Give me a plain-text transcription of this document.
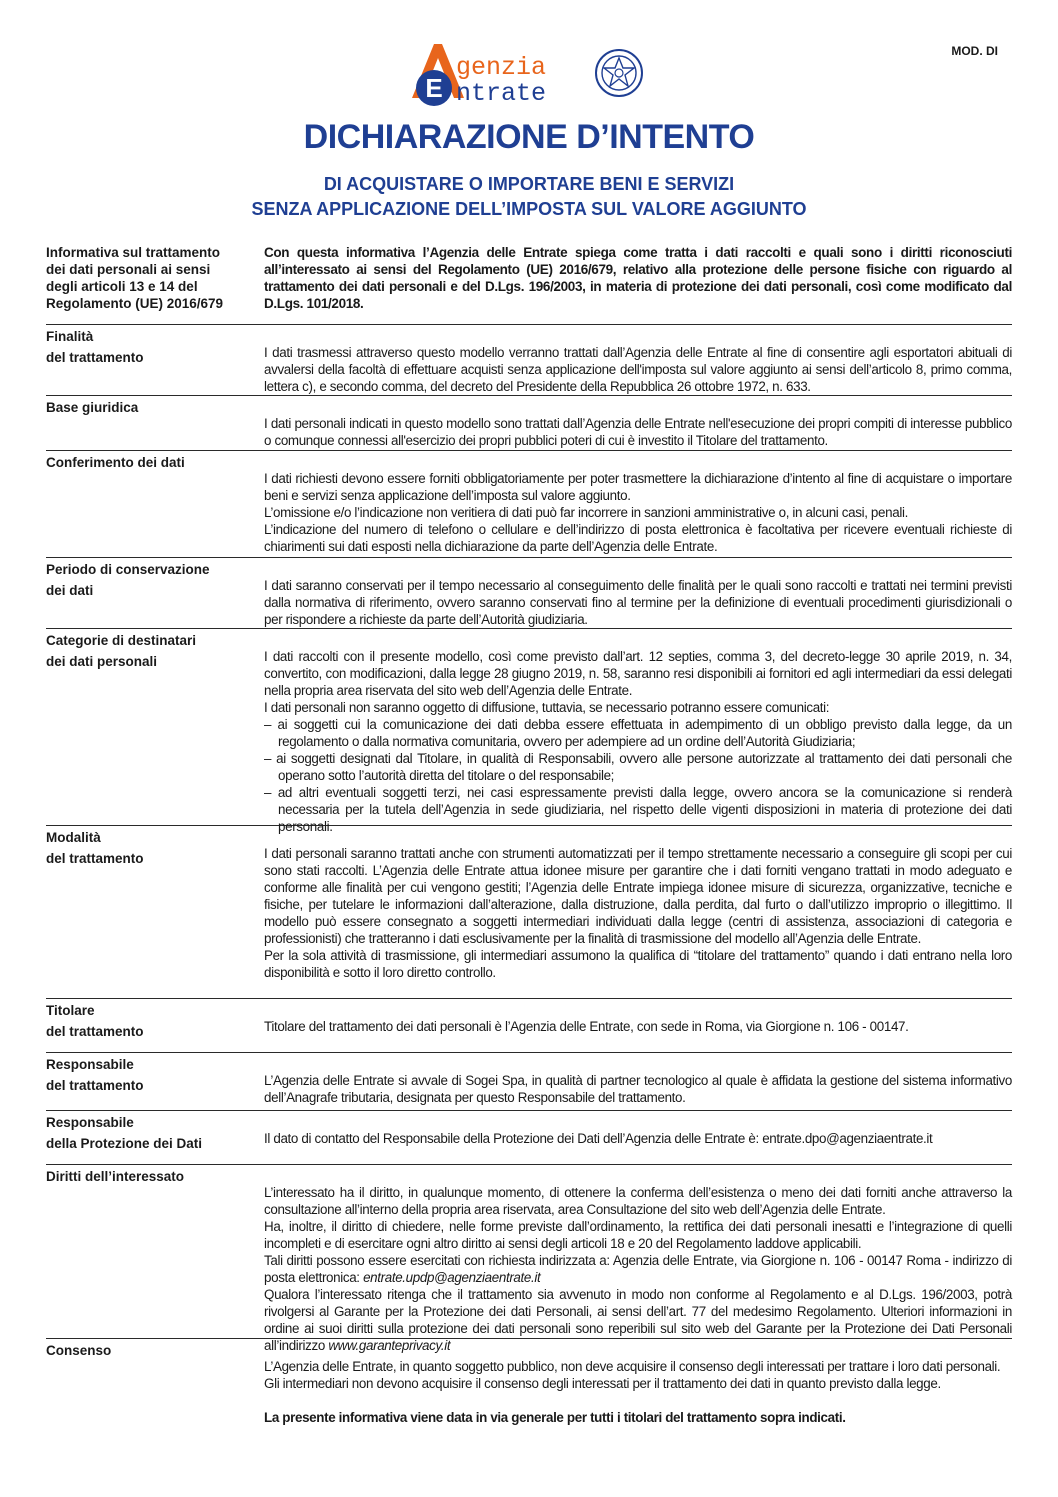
MOD. DI
E
genzia
ntrate
DICHIARAZIONE D’INTENTO
DI ACQUISTARE O IMPORTARE BENI E SERVIZI
SENZA APPLICAZIONE DELL’IMPOSTA SUL VALORE AGGIUNTO
Informativa sul trattamento
dei dati personali ai sensi
degli articoli 13 e 14 del
Regolamento (UE) 2016/679

Con questa informativa l’Agenzia delle Entrate spiega come tratta i dati raccolti e quali sono i diritti riconosciuti all’interessato ai sensi del Regolamento (UE) 2016/679, relativo alla protezione delle persone fisiche con riguardo al trattamento dei dati personali e del D.Lgs. 196/2003, in materia di protezione dei dati personali, così come modificato dal D.Lgs. 101/2018.

Finalità
del trattamento	I dati trasmessi attraverso questo modello verranno trattati dall’Agenzia delle Entrate al fine di consentire agli esportatori abituali di avvalersi della facoltà di effettuare acquisti senza applicazione dell'imposta sul valore aggiunto ai sensi dell’articolo 8, primo comma, lettera c), e secondo comma, del decreto del Presidente della Repubblica 26 ottobre 1972, n. 633.

Base giuridica

I dati personali indicati in questo modello sono trattati dall’Agenzia delle Entrate nell'esecuzione dei propri compiti di interesse pubblico o comunque connessi all'esercizio dei propri pubblici poteri di cui è investito il Titolare del trattamento.

Conferimento dei dati

I dati richiesti devono essere forniti obbligatoriamente per poter trasmettere la dichiarazione d’intento al fine di acquistare o importare beni e servizi senza applicazione dell’imposta sul valore aggiunto.

L’omissione e/o l’indicazione non veritiera di dati può far incorrere in sanzioni amministrative o, in alcuni casi, penali.

L’indicazione del numero di telefono o cellulare e dell’indirizzo di posta elettronica è facoltativa per ricevere eventuali richieste di chiarimenti sui dati esposti nella dichiarazione da parte dell’Agenzia delle Entrate.

Periodo di conservazione
dei dati	I dati saranno conservati per il tempo necessario al conseguimento delle finalità per le quali sono raccolti e trattati nei termini previsti dalla normativa di riferimento, ovvero saranno conservati fino al termine per la definizione di eventuali procedimenti giurisdizionali o per rispondere a richieste da parte dell’Autorità giudiziaria.

Categorie di destinatari
dei dati personali	I dati raccolti con il presente modello, così come previsto dall’art. 12 septies, comma 3, del decreto-legge 30 aprile 2019, n. 34, convertito, con modificazioni, dalla legge 28 giugno 2019, n. 58, saranno resi disponibili ai fornitori ed agli intermediari da essi delegati nella propria area riservata del sito web dell’Agenzia delle Entrate.

I dati personali non saranno oggetto di diffusione, tuttavia, se necessario potranno essere comunicati:

– ai soggetti cui la comunicazione dei dati debba essere effettuata in adempimento di un obbligo previsto dalla legge, da un regolamento o dalla normativa comunitaria, ovvero per adempiere ad un ordine dell’Autorità Giudiziaria;

– ai soggetti designati dal Titolare, in qualità di Responsabili, ovvero alle persone autorizzate al trattamento dei dati personali che operano sotto l’autorità diretta del titolare o del responsabile;

– ad altri eventuali soggetti terzi, nei casi espressamente previsti dalla legge, ovvero ancora se la comunicazione si renderà necessaria per la tutela dell’Agenzia in sede giudiziaria, nel rispetto delle vigenti disposizioni in materia di protezione dei dati personali.

Modalità
del trattamento	I dati personali saranno trattati anche con strumenti automatizzati per il tempo strettamente necessario a conseguire gli scopi per cui sono stati raccolti. L’Agenzia delle Entrate attua idonee misure per garantire che i dati forniti vengano trattati in modo adeguato e conforme alle finalità per cui vengono gestiti; l’Agenzia delle Entrate impiega idonee misure di sicurezza, organizzative, tecniche e fisiche, per tutelare le informazioni dall’alterazione, dalla distruzione, dalla perdita, dal furto o dall’utilizzo improprio o illegittimo. Il modello può essere consegnato a soggetti intermediari individuati dalla legge (centri di assistenza, associazioni di categoria e professionisti) che tratteranno i dati esclusivamente per la finalità di trasmissione del modello all’Agenzia delle Entrate.

Per la sola attività di trasmissione, gli intermediari assumono la qualifica di “titolare del trattamento” quando i dati entrano nella loro disponibilità e sotto il loro diretto controllo.

Titolare
del trattamento	Titolare del trattamento dei dati personali è l’Agenzia delle Entrate, con sede in Roma, via Giorgione n. 106 - 00147.

Responsabile
del trattamento	L’Agenzia delle Entrate si avvale di Sogei Spa, in qualità di partner tecnologico al quale è affidata la gestione del sistema informativo dell’Anagrafe tributaria, designata per questo Responsabile del trattamento.

Responsabile
della Protezione dei Dati	Il dato di contatto del Responsabile della Protezione dei Dati dell’Agenzia delle Entrate è: entrate.dpo@agenziaentrate.it

Diritti dell’interessato

L’interessato ha il diritto, in qualunque momento, di ottenere la conferma dell’esistenza o meno dei dati forniti anche attraverso la consultazione all’interno della propria area riservata, area Consultazione del sito web dell’Agenzia delle Entrate.

Ha, inoltre, il diritto di chiedere, nelle forme previste dall’ordinamento, la rettifica dei dati personali inesatti e l’integrazione di quelli incompleti e di esercitare ogni altro diritto ai sensi degli articoli 18 e 20 del Regolamento laddove applicabili.

Tali diritti possono essere esercitati con richiesta indirizzata a: Agenzia delle Entrate, via Giorgione n. 106 - 00147 Roma - indirizzo di posta elettronica: entrate.updp@agenziaentrate.it

Qualora l’interessato ritenga che il trattamento sia avvenuto in modo non conforme al Regolamento e al D.Lgs. 196/2003, potrà rivolgersi al Garante per la Protezione dei dati Personali, ai sensi dell’art. 77 del medesimo Regolamento. Ulteriori informazioni in ordine ai suoi diritti sulla protezione dei dati personali sono reperibili sul sito web del Garante per la Protezione dei Dati Personali all’indirizzo www.garanteprivacy.it

Consenso

L’Agenzia delle Entrate, in quanto soggetto pubblico, non deve acquisire il consenso degli interessati per trattare i loro dati personali.

Gli intermediari non devono acquisire il consenso degli interessati per il trattamento dei dati in quanto previsto dalla legge.

La presente informativa viene data in via generale per tutti i titolari del trattamento sopra indicati.
